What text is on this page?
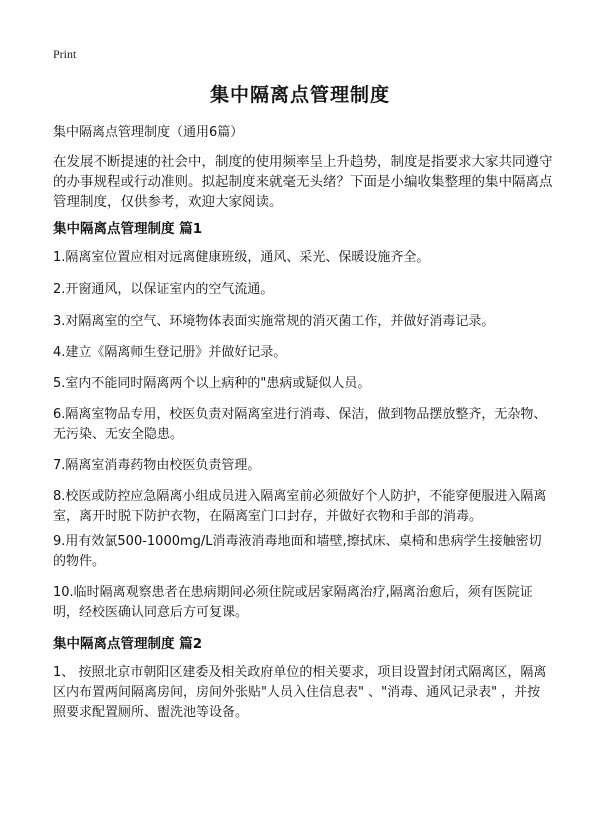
Print
集中隔离点管理制度
集中隔离点管理制度（通用6篇）
在发展不断提速的社会中，制度的使用频率呈上升趋势，制度是指要求大家共同遵守的办事规程或行动准则。拟起制度来就毫无头绪？下面是小编收集整理的集中隔离点管理制度，仅供参考，欢迎大家阅读。
集中隔离点管理制度 篇1
1.隔离室位置应相对远离健康班级，通风、采光、保暖设施齐全。
2.开窗通风，以保证室内的空气流通。
3.对隔离室的空气、环境物体表面实施常规的消灭菌工作，并做好消毒记录。
4.建立《隔离师生登记册》并做好记录。
5.室内不能同时隔离两个以上病种的"患病或疑似人员。
6.隔离室物品专用，校医负责对隔离室进行消毒、保洁，做到物品摆放整齐，无杂物、无污染、无安全隐患。
7.隔离室消毒药物由校医负责管理。
8.校医或防控应急隔离小组成员进入隔离室前必须做好个人防护，不能穿便服进入隔离室，离开时脱下防护衣物，在隔离室门口封存，并做好衣物和手部的消毒。
9.用有效氯500-1000mg/L消毒液消毒地面和墙壁,擦拭床、桌椅和患病学生接触密切的物件。
10.临时隔离观察患者在患病期间必须住院或居家隔离治疗,隔离治愈后，须有医院证明，经校医确认同意后方可复课。
集中隔离点管理制度 篇2
1、 按照北京市朝阳区建委及相关政府单位的相关要求，项目设置封闭式隔离区，隔离区内布置两间隔离房间，房间外张贴"人员入住信息表" 、"消毒、通风记录表" ，并按照要求配置厕所、盥洗池等设备。
